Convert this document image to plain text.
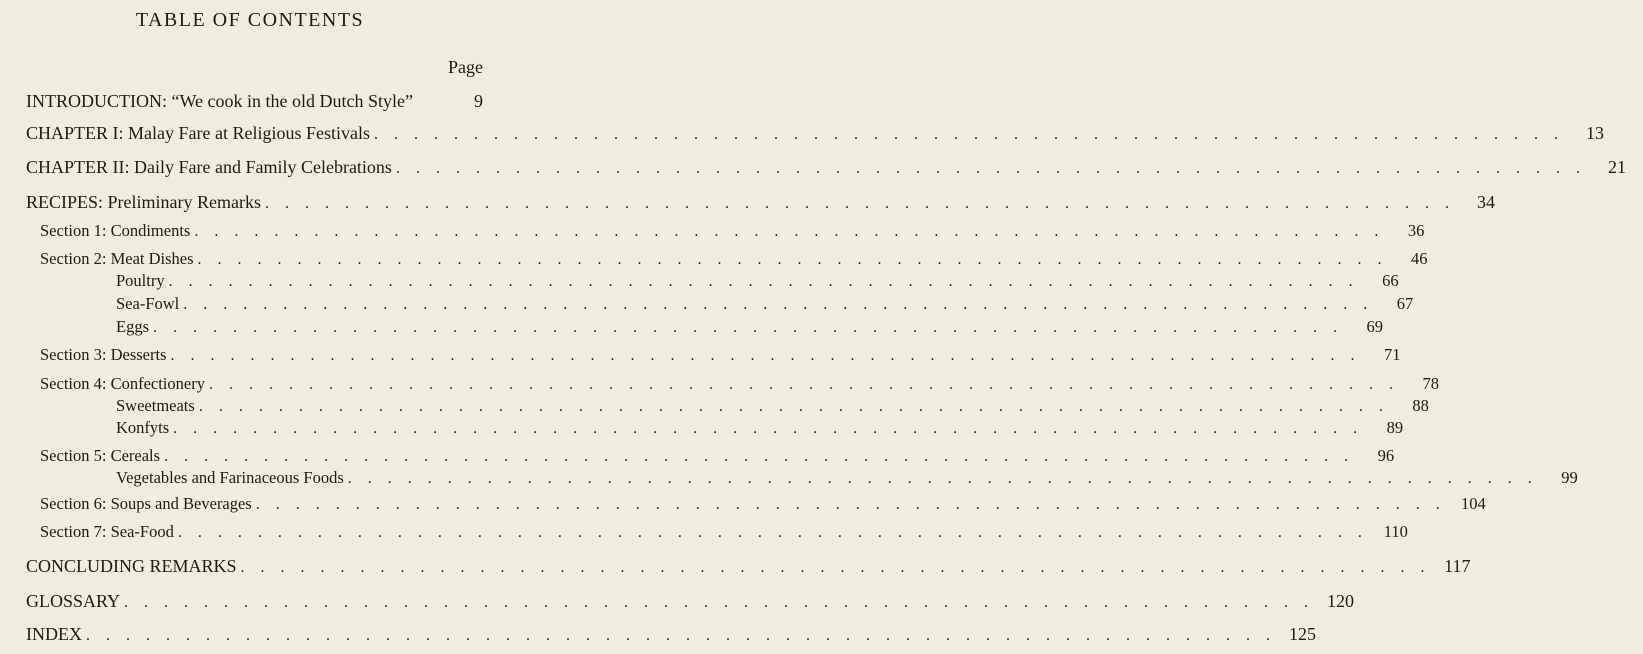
TABLE OF CONTENTS
Page
INTRODUCTION: “We cook in the old Dutch Style”	9
CHAPTER I: Malay Fare at Religious Festivals . . . . . . . . . . . . . . . . . . . . . . . . . . . . . . . . . . . . . . . . . . . . . . . . . . . . . . . . . . . .	13
CHAPTER II: Daily Fare and Family Celebrations . . . . . . . . . . . . . . . . . . . . . . . . . . . . . . . . . . . . . . . . . . . . . . . . . . . . . . . . . . . .	21
RECIPES: Preliminary Remarks . . . . . . . . . . . . . . . . . . . . . . . . . . . . . . . . . . . . . . . . . . . . . . . . . . . . . . . . . . . .	34
Section 1: Condiments . . . . . . . . . . . . . . . . . . . . . . . . . . . . . . . . . . . . . . . . . . . . . . . . . . . . . . . . . . . .	36
Section 2: Meat Dishes . . . . . . . . . . . . . . . . . . . . . . . . . . . . . . . . . . . . . . . . . . . . . . . . . . . . . . . . . . . .	46
Poultry . . . . . . . . . . . . . . . . . . . . . . . . . . . . . . . . . . . . . . . . . . . . . . . . . . . . . . . . . . . .	66
Sea-Fowl . . . . . . . . . . . . . . . . . . . . . . . . . . . . . . . . . . . . . . . . . . . . . . . . . . . . . . . . . . . .	67
Eggs . . . . . . . . . . . . . . . . . . . . . . . . . . . . . . . . . . . . . . . . . . . . . . . . . . . . . . . . . . . .	69
Section 3: Desserts . . . . . . . . . . . . . . . . . . . . . . . . . . . . . . . . . . . . . . . . . . . . . . . . . . . . . . . . . . . .	71
Section 4: Confectionery . . . . . . . . . . . . . . . . . . . . . . . . . . . . . . . . . . . . . . . . . . . . . . . . . . . . . . . . . . . .	78
Sweetmeats . . . . . . . . . . . . . . . . . . . . . . . . . . . . . . . . . . . . . . . . . . . . . . . . . . . . . . . . . . . .	88
Konfyts . . . . . . . . . . . . . . . . . . . . . . . . . . . . . . . . . . . . . . . . . . . . . . . . . . . . . . . . . . . .	89
Section 5: Cereals . . . . . . . . . . . . . . . . . . . . . . . . . . . . . . . . . . . . . . . . . . . . . . . . . . . . . . . . . . . .	96
Vegetables and Farinaceous Foods . . . . . . . . . . . . . . . . . . . . . . . . . . . . . . . . . . . . . . . . . . . . . . . . . . . . . . . . . . . .	99
Section 6: Soups and Beverages . . . . . . . . . . . . . . . . . . . . . . . . . . . . . . . . . . . . . . . . . . . . . . . . . . . . . . . . . . . . 104
Section 7: Sea-Food . . . . . . . . . . . . . . . . . . . . . . . . . . . . . . . . . . . . . . . . . . . . . . . . . . . . . . . . . . . . 110
CONCLUDING REMARKS . . . . . . . . . . . . . . . . . . . . . . . . . . . . . . . . . . . . . . . . . . . . . . . . . . . . . . . . . . . . 117
GLOSSARY . . . . . . . . . . . . . . . . . . . . . . . . . . . . . . . . . . . . . . . . . . . . . . . . . . . . . . . . . . . . 120
INDEX . . . . . . . . . . . . . . . . . . . . . . . . . . . . . . . . . . . . . . . . . . . . . . . . . . . . . . . . . . . . 125
